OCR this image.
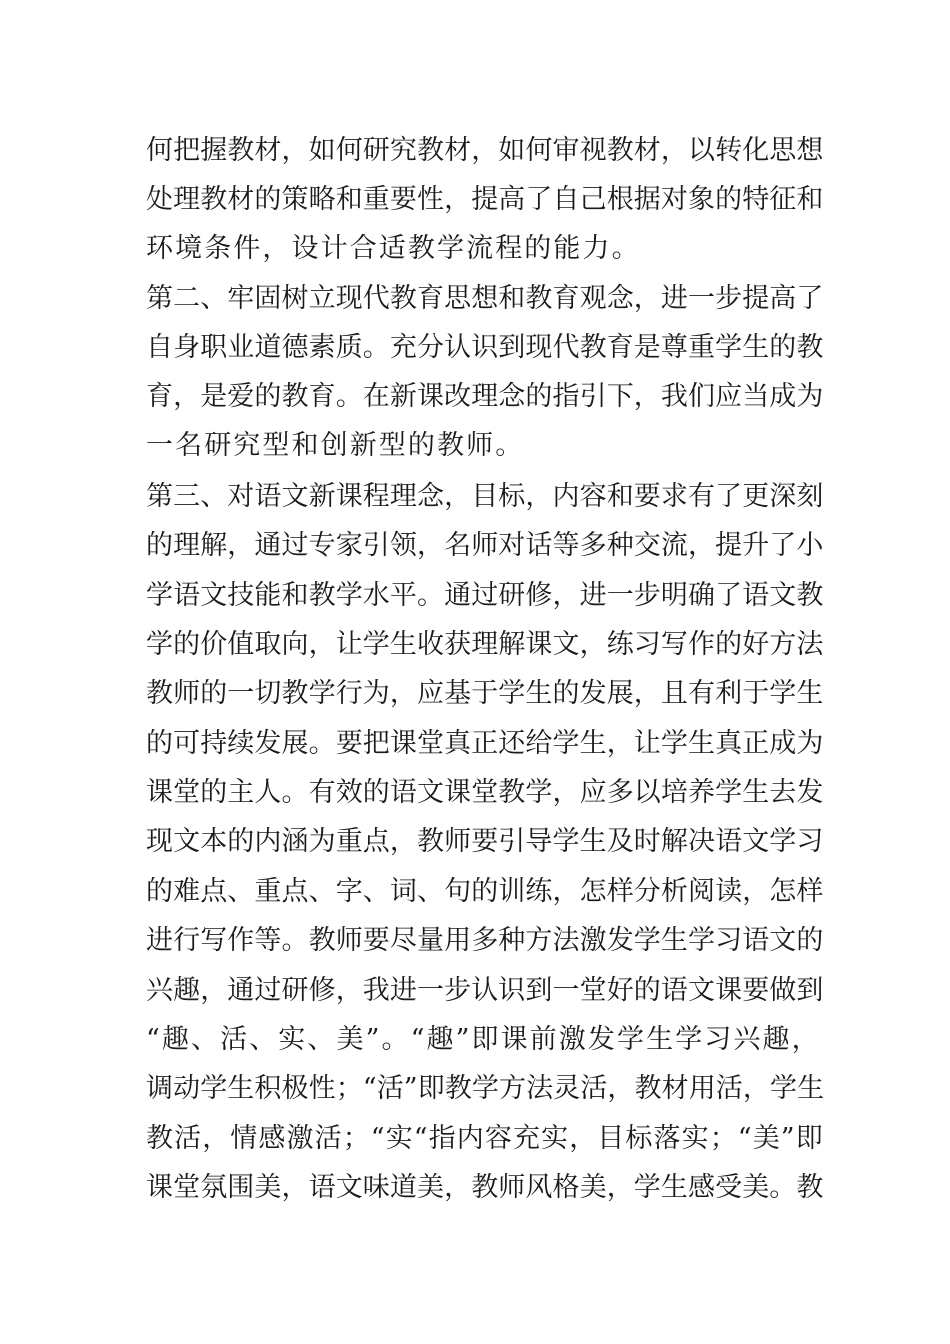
何把握教材，如何研究教材，如何审视教材，以转化思想
处理教材的策略和重要性，提高了自己根据对象的特征和
环境条件，设计合适教学流程的能力。
第二、牢固树立现代教育思想和教育观念，进一步提高了
自身职业道德素质。充分认识到现代教育是尊重学生的教
育，是爱的教育。在新课改理念的指引下，我们应当成为
一名研究型和创新型的教师。
第三、对语文新课程理念，目标，内容和要求有了更深刻
的理解，通过专家引领，名师对话等多种交流，提升了小
学语文技能和教学水平。通过研修，进一步明确了语文教
学的价值取向，让学生收获理解课文，练习写作的好方法
教师的一切教学行为，应基于学生的发展，且有利于学生
的可持续发展。要把课堂真正还给学生，让学生真正成为
课堂的主人。有效的语文课堂教学，应多以培养学生去发
现文本的内涵为重点，教师要引导学生及时解决语文学习
的难点、重点、字、词、句的训练，怎样分析阅读，怎样
进行写作等。教师要尽量用多种方法激发学生学习语文的
兴趣，通过研修，我进一步认识到一堂好的语文课要做到
“趣、活、实、美”。“趣”即课前激发学生学习兴趣，
调动学生积极性；“活”即教学方法灵活，教材用活，学生
教活，情感激活；“实“指内容充实，目标落实；“美”即
课堂氛围美，语文味道美，教师风格美，学生感受美。教
